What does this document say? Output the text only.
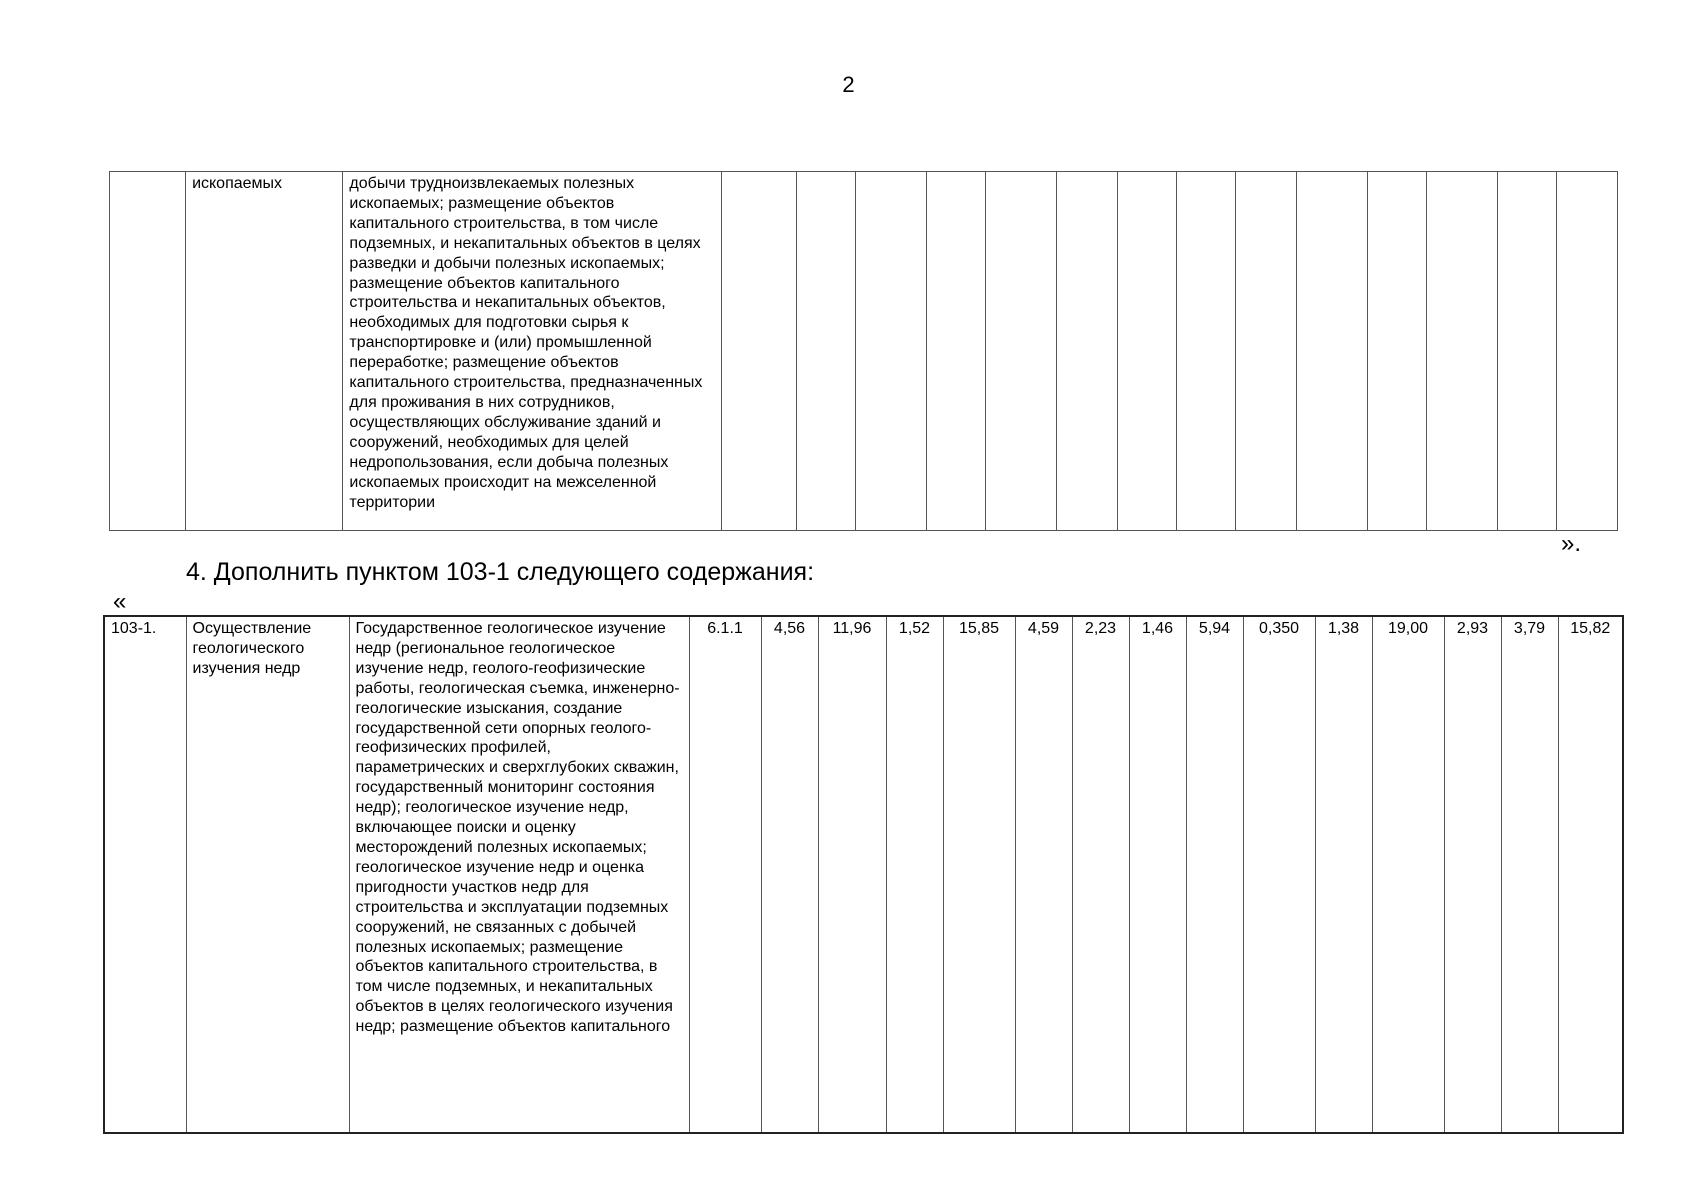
2
	ископаемых	добычи трудноизвлекаемых полезных ископаемых; размещение объектов капитального строительства, в том числе подземных, и некапитальных объектов в целях разведки и добычи полезных ископаемых; размещение объектов капитального строительства и некапитальных объектов, необходимых для подготовки сырья к транспортировке и (или) промышленной переработке; размещение объектов капитального строительства, предназначенных для проживания в них сотрудников, осуществляющих обслуживание зданий и сооружений, необходимых для целей недропользования, если добыча полезных ископаемых происходит на межселенной территории														
».
4. Дополнить пунктом 103-1 следующего содержания:
«
103-1.	Осуществление геологического изучения недр	Государственное геологическое изучение недр (региональное геологическое изучение недр, геолого-геофизические работы, геологическая съемка, инженерно-геологические изыскания, создание государственной сети опорных геолого-геофизических профилей, параметрических и сверхглубоких скважин, государственный мониторинг состояния недр); геологическое изучение недр, включающее поиски и оценку месторождений полезных ископаемых; геологическое изучение недр и оценка пригодности участков недр для строительства и эксплуатации подземных сооружений, не связанных с добычей полезных ископаемых; размещение объектов капитального строительства, в том числе подземных, и некапитальных объектов в целях геологического изучения недр; размещение объектов капитального	6.1.1	4,56	11,96	1,52	15,85	4,59	2,23	1,46	5,94	0,350	1,38	19,00	2,93	3,79	15,82
